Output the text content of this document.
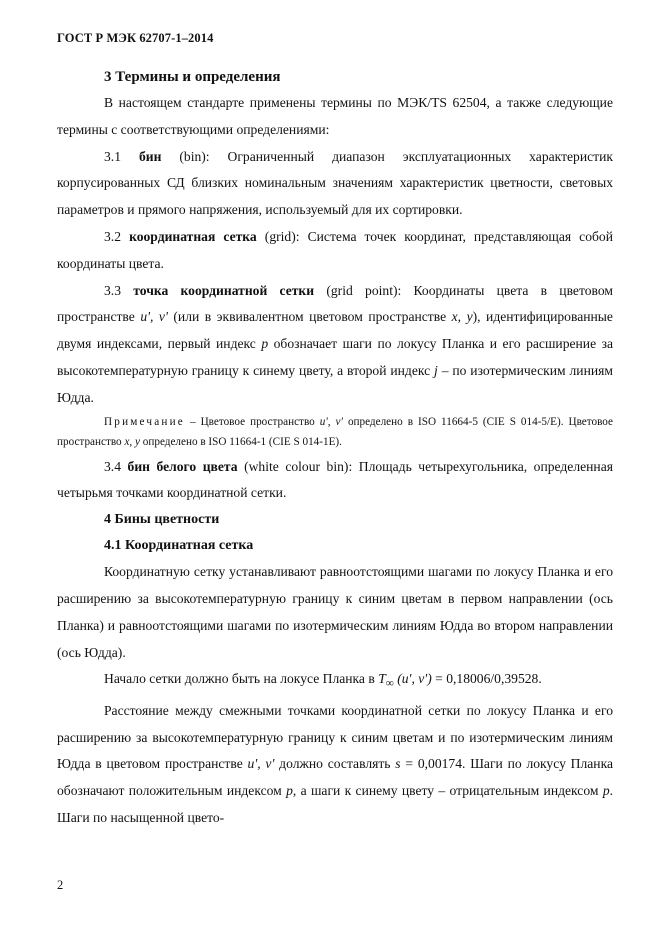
ГОСТ Р МЭК 62707-1–2014
3 Термины и определения

В настоящем стандарте применены термины по МЭК/TS 62504, а также следующие термины с соответствующими определениями:

3.1 бин (bin): Ограниченный диапазон эксплуатационных характеристик корпусированных СД близких номинальным значениям характеристик цветности, световых параметров и прямого напряжения, используемый для их сортировки.

3.2 координатная сетка (grid): Система точек координат, представляющая собой координаты цвета.

3.3 точка координатной сетки (grid point): Координаты цвета в цветовом пространстве u', v' (или в эквивалентном цветовом пространстве x, y), идентифицированные двумя индексами, первый индекс p обозначает шаги по локусу Планка и его расширение за высокотемпературную границу к синему цвету, а второй индекс j – по изотермическим линиям Юдда.

Примечание – Цветовое пространство u', v' определено в ISO 11664-5 (CIE S 014-5/E). Цветовое пространство x, y определено в ISO 11664-1 (CIE S 014-1E).

3.4 бин белого цвета (white colour bin): Площадь четырехугольника, определенная четырьмя точками координатной сетки.

4 Бины цветности
4.1 Координатная сетка

Координатную сетку устанавливают равноотстоящими шагами по локусу Планка и его расширению за высокотемпературную границу к синим цветам в первом направлении (ось Планка) и равноотстоящими шагами по изотермическим линиям Юдда во втором направлении (ось Юдда).

Начало сетки должно быть на локусе Планка в $T_\infty$ (u', v') = 0,18006/0,39528.

Расстояние между смежными точками координатной сетки по локусу Планка и его расширению за высокотемпературную границу к синим цветам и по изотермическим линиям Юдда в цветовом пространстве u', v' должно составлять s = 0,00174. Шаги по локусу Планка обозначают положительным индексом p, а шаги к синему цвету – отрицательным индексом p. Шаги по насыщенной цвето-

2
